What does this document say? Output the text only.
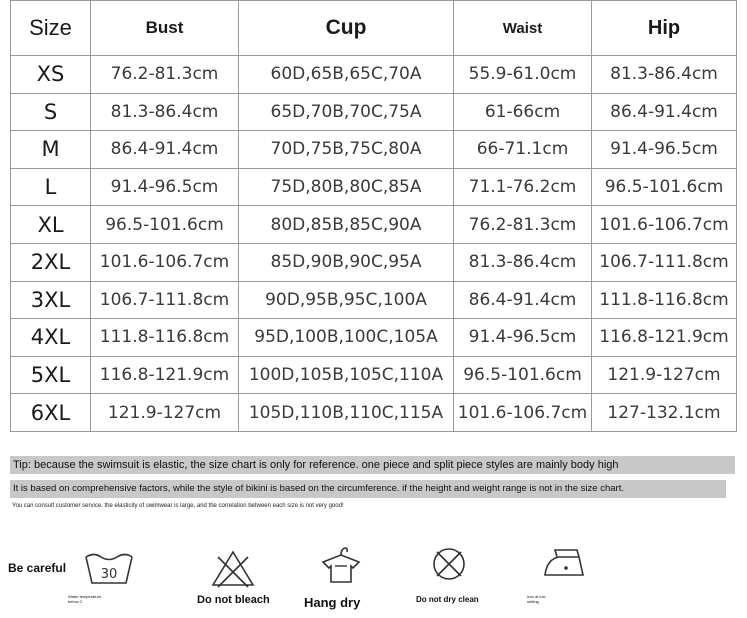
Size	Bust	Cup	Waist	Hip
XS	76.2-81.3cm	60D,65B,65C,70A	55.9-61.0cm	81.3-86.4cm
S	81.3-86.4cm	65D,70B,70C,75A	61-66cm	86.4-91.4cm
M	86.4-91.4cm	70D,75B,75C,80A	66-71.1cm	91.4-96.5cm
L	91.4-96.5cm	75D,80B,80C,85A	71.1-76.2cm	96.5-101.6cm
XL	96.5-101.6cm	80D,85B,85C,90A	76.2-81.3cm	101.6-106.7cm
2XL	101.6-106.7cm	85D,90B,90C,95A	81.3-86.4cm	106.7-111.8cm
3XL	106.7-111.8cm	90D,95B,95C,100A	86.4-91.4cm	111.8-116.8cm
4XL	111.8-116.8cm	95D,100B,100C,105A	91.4-96.5cm	116.8-121.9cm
5XL	116.8-121.9cm	100D,105B,105C,110A	96.5-101.6cm	121.9-127cm
6XL	121.9-127cm	105D,110B,110C,115A	101.6-106.7cm	127-132.1cm
Tip: because the swimsuit is elastic, the size chart is only for reference. one piece and split piece styles are mainly body high
It is based on comprehensive factors, while the style of bikini is based on the circumference. if the height and weight range is not in the size chart.
You can consult customer service. the elasticity of swimwear is large, and the correlation between each size is not very good!
Be careful	30
Water temperature below C	Do not bleach	Hang dry	Do not dry clean	Iron at low setting
